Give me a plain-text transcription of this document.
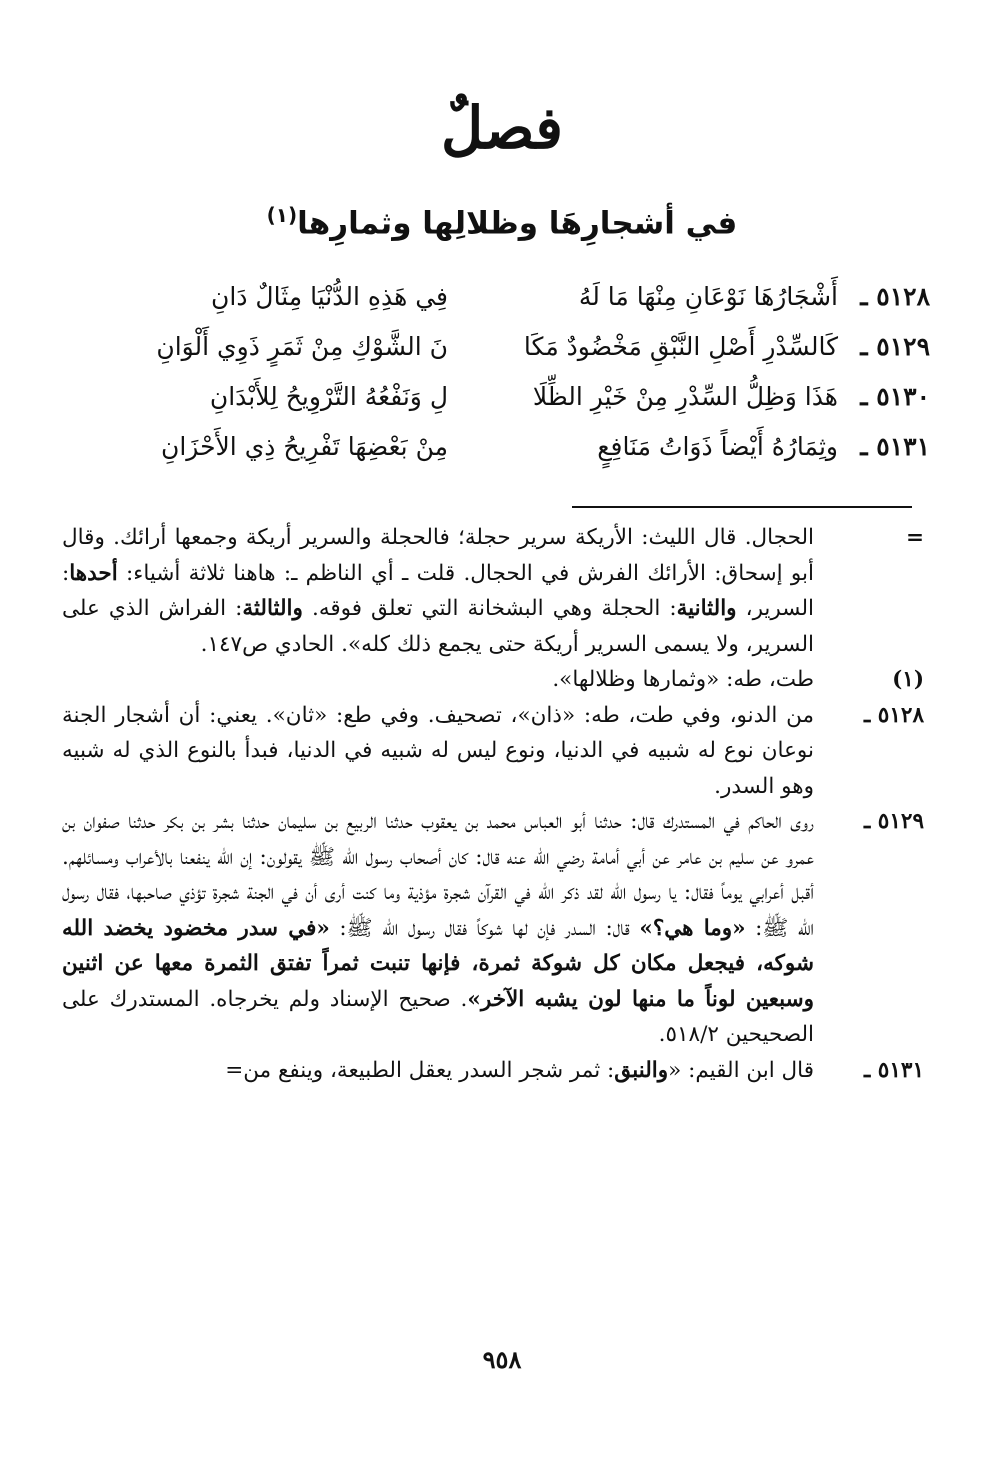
فصلٌ
في أشجارِهَا وظلالِها وثمارِها$^{(١)}$
٥١٢٨ ـ
أَشْجَارُهَا نَوْعَانِ مِنْهَا مَا لَهُ
فِي هَذِهِ الدُّنْيَا مِثَالٌ دَانِ
٥١٢٩ ـ
كَالسِّدْرِ أَصْلِ النَّبْقِ مَخْضُودٌ مَكَا
نَ الشَّوْكِ مِنْ ثَمَرٍ ذَوِي أَلْوَانِ
٥١٣٠ ـ
هَذَا وَظِلُّ السِّدْرِ مِنْ خَيْرِ الظِّلَا
لِ وَنَفْعُهُ التَّرْوِيحُ لِلأَبْدَانِ
٥١٣١ ـ
وثِمَارُهُ أَيْضاً ذَوَاتُ مَنَافِعٍ
مِنْ بَعْضِهَا تَفْرِيحُ ذِي الأَحْزَانِ
=
الحجال. قال الليث: الأريكة سرير حجلة؛ فالحجلة والسرير أريكة وجمعها أرائك. وقال أبو إسحاق: الأرائك الفرش في الحجال. قلت ـ أي الناظم ـ: هاهنا ثلاثة أشياء: أحدها: السرير، والثانية: الحجلة وهي البشخانة التي تعلق فوقه. والثالثة: الفراش الذي على السرير، ولا يسمى السرير أريكة حتى يجمع ذلك كله». الحادي ص١٤٧.
(١)
طت، طه: «وثمارها وظلالها».
٥١٢٨ ـ
من الدنو، وفي طت، طه: «ذان»، تصحيف. وفي طع: «ثان». يعني: أن أشجار الجنة نوعان نوع له شبيه في الدنيا، ونوع ليس له شبيه في الدنيا، فبدأ بالنوع الذي له شبيه وهو السدر.
٥١٢٩ ـ
روى الحاكم في المستدرك قال: حدثنا أبو العباس محمد بن يعقوب حدثنا الربيع بن سليمان حدثنا بشر بن بكر حدثنا صفوان بن عمرو عن سليم بن عامر عن أبي أمامة رضي الله عنه قال: كان أصحاب رسول الله ﷺ يقولون: إن الله ينفعنا بالأعراب ومسائلهم. أقبل أعرابي يوماً فقال: يا رسول الله لقد ذكر الله في القرآن شجرة مؤذية وما كنت أرى أن في الجنة شجرة تؤذي صاحبها، فقال رسول الله ﷺ: «وما هي؟» قال: السدر فإن لها شوكاً فقال رسول الله ﷺ: «في سدر مخضود يخضد الله شوكه، فيجعل مكان كل شوكة ثمرة، فإنها تنبت ثمراً تفتق الثمرة معها عن اثنين وسبعين لوناً ما منها لون يشبه الآخر». صحيح الإسناد ولم يخرجاه. المستدرك على الصحيحين ٥١٨/٢.
٥١٣١ ـ
قال ابن القيم: «والنبق: ثمر شجر السدر يعقل الطبيعة، وينفع من=
٩٥٨
